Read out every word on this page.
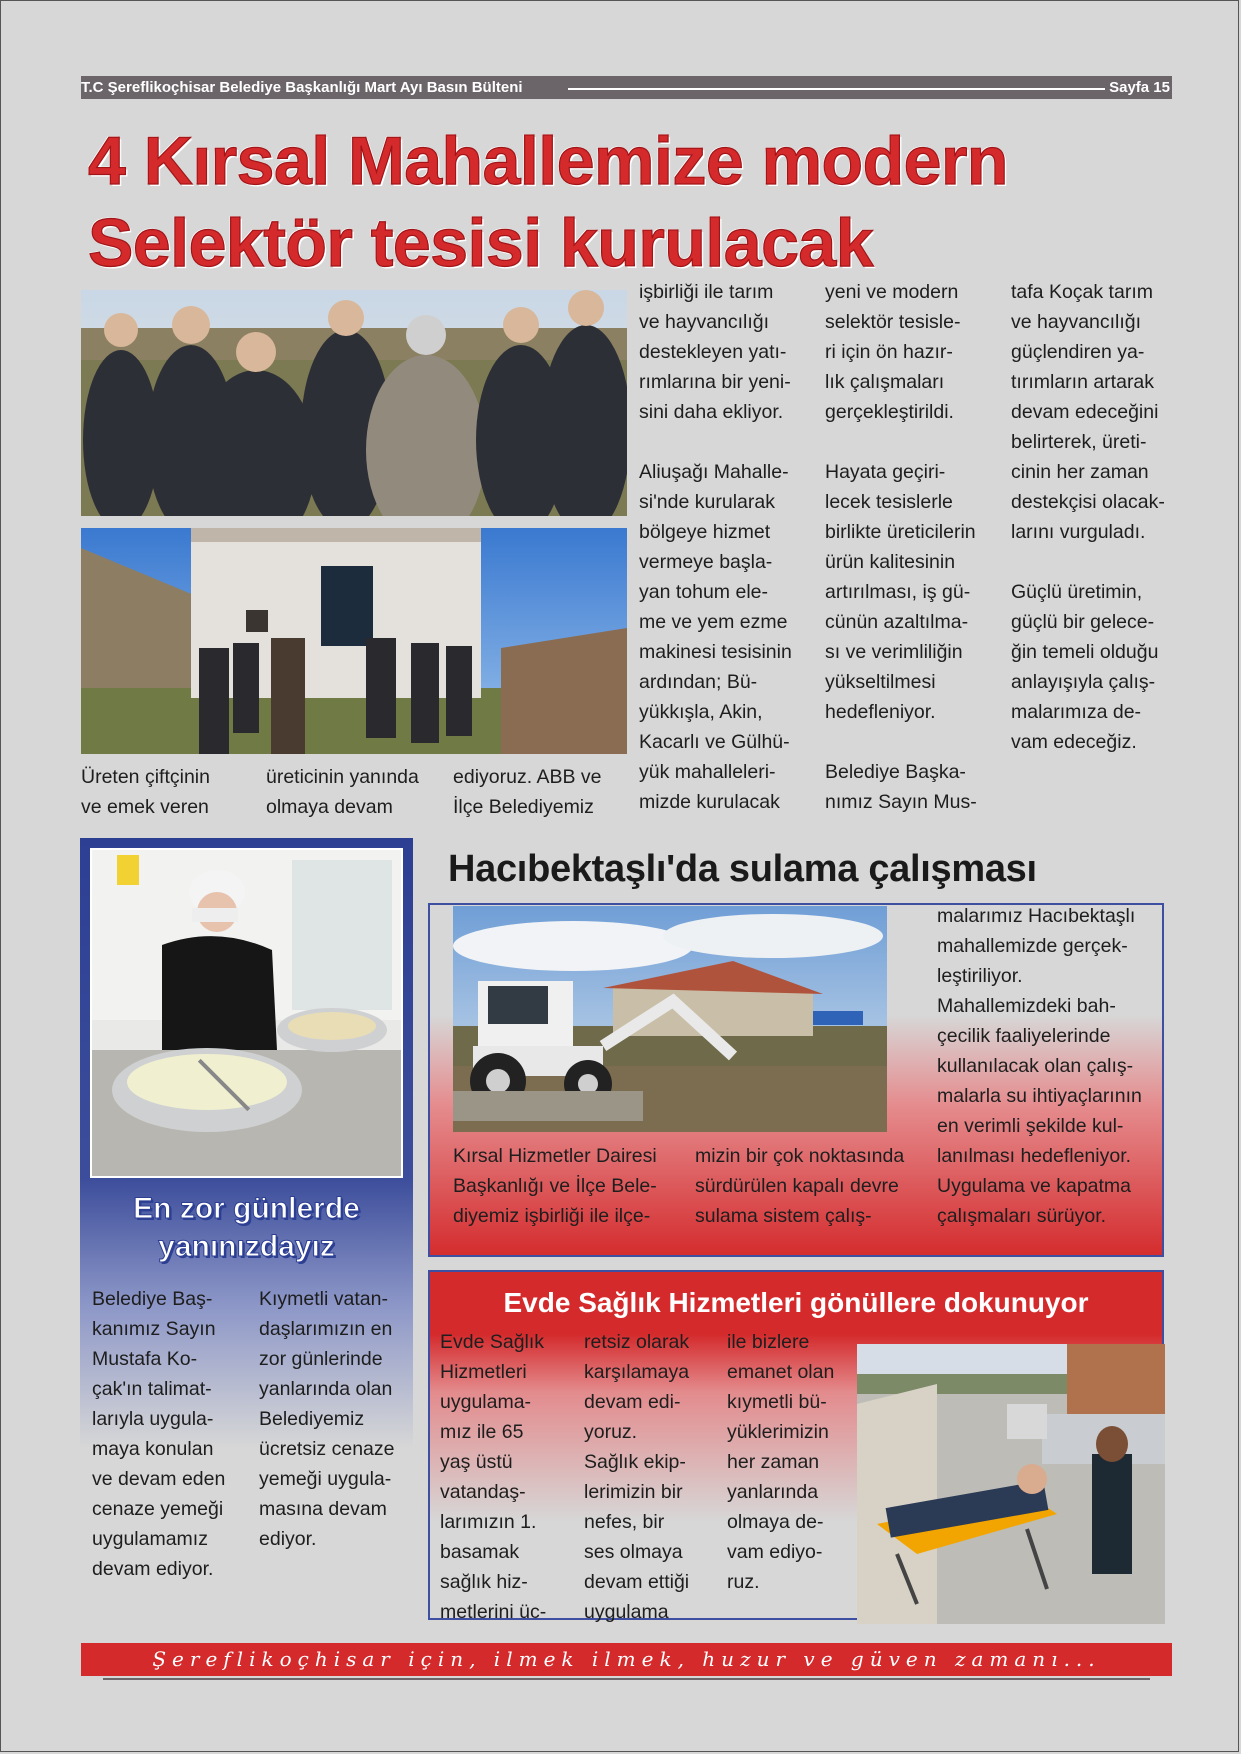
T.C Şereflikoçhisar Belediye Başkanlığı Mart Ayı Basın Bülteni	Sayfa 15
4 Kırsal Mahallemize modern
Selektör tesisi kurulacak
Üreten çiftçinin
ve emek veren
üreticinin yanında
olmaya devam
ediyoruz. ABB ve
İlçe Belediyemiz
işbirliği ile tarım
ve hayvancılığı
destekleyen yatı-
rımlarına bir yeni-
sini daha ekliyor.

Aliuşağı Mahalle-
si'nde kurularak
bölgeye hizmet
vermeye başla-
yan tohum ele-
me ve yem ezme
makinesi tesisinin
ardından; Bü-
yükkışla, Akin,
Kacarlı ve Gülhü-
yük mahalleleri-
mizde kurulacak
yeni ve modern
selektör tesisle-
ri için ön hazır-
lık çalışmaları
gerçekleştirildi.

Hayata geçiri-
lecek tesislerle
birlikte üreticilerin
ürün kalitesinin
artırılması, iş gü-
cünün azaltılma-
sı ve verimliliğin
yükseltilmesi
hedefleniyor.

Belediye Başka-
nımız Sayın Mus-
tafa Koçak tarım
ve hayvancılığı
güçlendiren ya-
tırımların artarak
devam edeceğini
belirterek, üreti-
cinin her zaman
destekçisi olacak-
larını vurguladı.

Güçlü üretimin,
güçlü bir gelece-
ğin temeli olduğu
anlayışıyla çalış-
malarımıza de-
vam edeceğiz.
En zor günlerde
yanınızdayız
Belediye Baş-
kanımız Sayın
Mustafa Ko-
çak'ın talimat-
larıyla uygula-
maya konulan
ve devam eden
cenaze yemeği
uygulamamız
devam ediyor.
Kıymetli vatan-
daşlarımızın en
zor günlerinde
yanlarında olan
Belediyemiz
ücretsiz cenaze
yemeği uygula-
masına devam
ediyor.
Hacıbektaşlı'da sulama çalışması
Kırsal Hizmetler Dairesi
Başkanlığı ve İlçe Bele-
diyemiz işbirliği ile ilçe-
mizin bir çok noktasında
sürdürülen kapalı devre
sulama sistem çalış-
malarımız Hacıbektaşlı
mahallemizde gerçek-
leştiriliyor.
Mahallemizdeki bah-
çecilik faaliyelerinde
kullanılacak olan çalış-
malarla su ihtiyaçlarının
en verimli şekilde kul-
lanılması hedefleniyor.
Uygulama ve kapatma
çalışmaları sürüyor.
Evde Sağlık Hizmetleri gönüllere dokunuyor
Evde Sağlık
Hizmetleri
uygulama-
mız ile 65
yaş üstü
vatandaş-
larımızın 1.
basamak
sağlık hiz-
metlerini üc-
retsiz olarak
karşılamaya
devam edi-
yoruz.
Sağlık ekip-
lerimizin bir
nefes, bir
ses olmaya
devam ettiği
uygulama
ile bizlere
emanet olan
kıymetli bü-
yüklerimizin
her zaman
yanlarında
olmaya de-
vam ediyo-
ruz.
Şereflikoçhisar için, ilmek ilmek, huzur ve güven zamanı...
